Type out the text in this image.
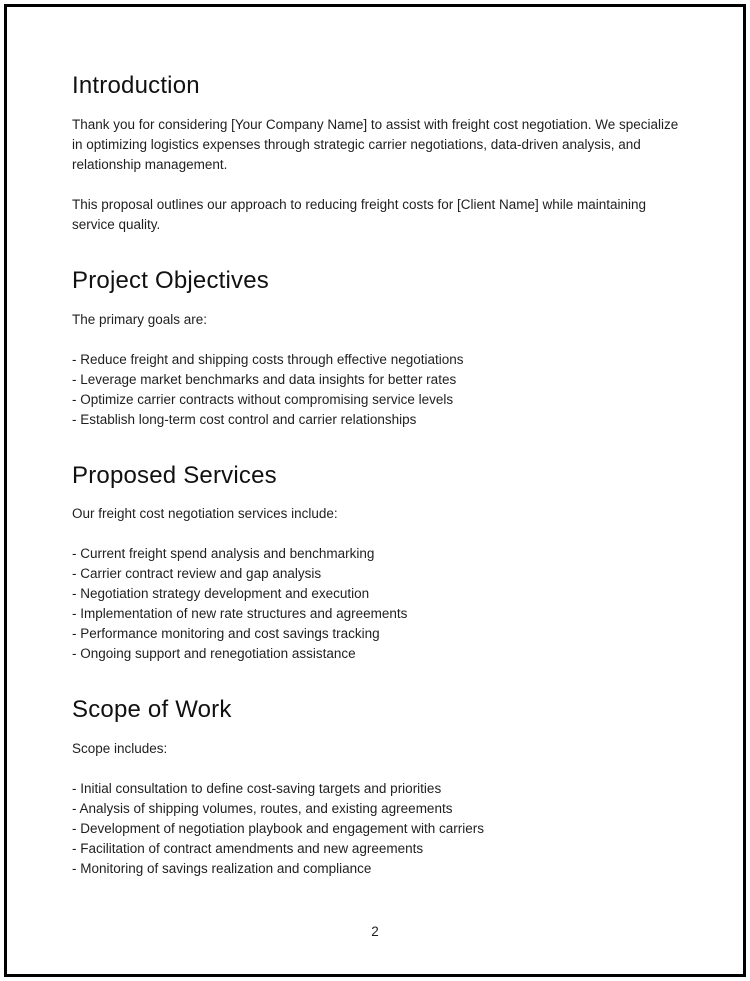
Introduction

Thank you for considering [Your Company Name] to assist with freight cost negotiation. We specialize in optimizing logistics expenses through strategic carrier negotiations, data-driven analysis, and relationship management.

This proposal outlines our approach to reducing freight costs for [Client Name] while maintaining service quality.

Project Objectives

The primary goals are:

- Reduce freight and shipping costs through effective negotiations
- Leverage market benchmarks and data insights for better rates
- Optimize carrier contracts without compromising service levels
- Establish long-term cost control and carrier relationships
Proposed Services

Our freight cost negotiation services include:

- Current freight spend analysis and benchmarking
- Carrier contract review and gap analysis
- Negotiation strategy development and execution
- Implementation of new rate structures and agreements
- Performance monitoring and cost savings tracking
- Ongoing support and renegotiation assistance
Scope of Work

Scope includes:

- Initial consultation to define cost-saving targets and priorities
- Analysis of shipping volumes, routes, and existing agreements
- Development of negotiation playbook and engagement with carriers
- Facilitation of contract amendments and new agreements
- Monitoring of savings realization and compliance
2
